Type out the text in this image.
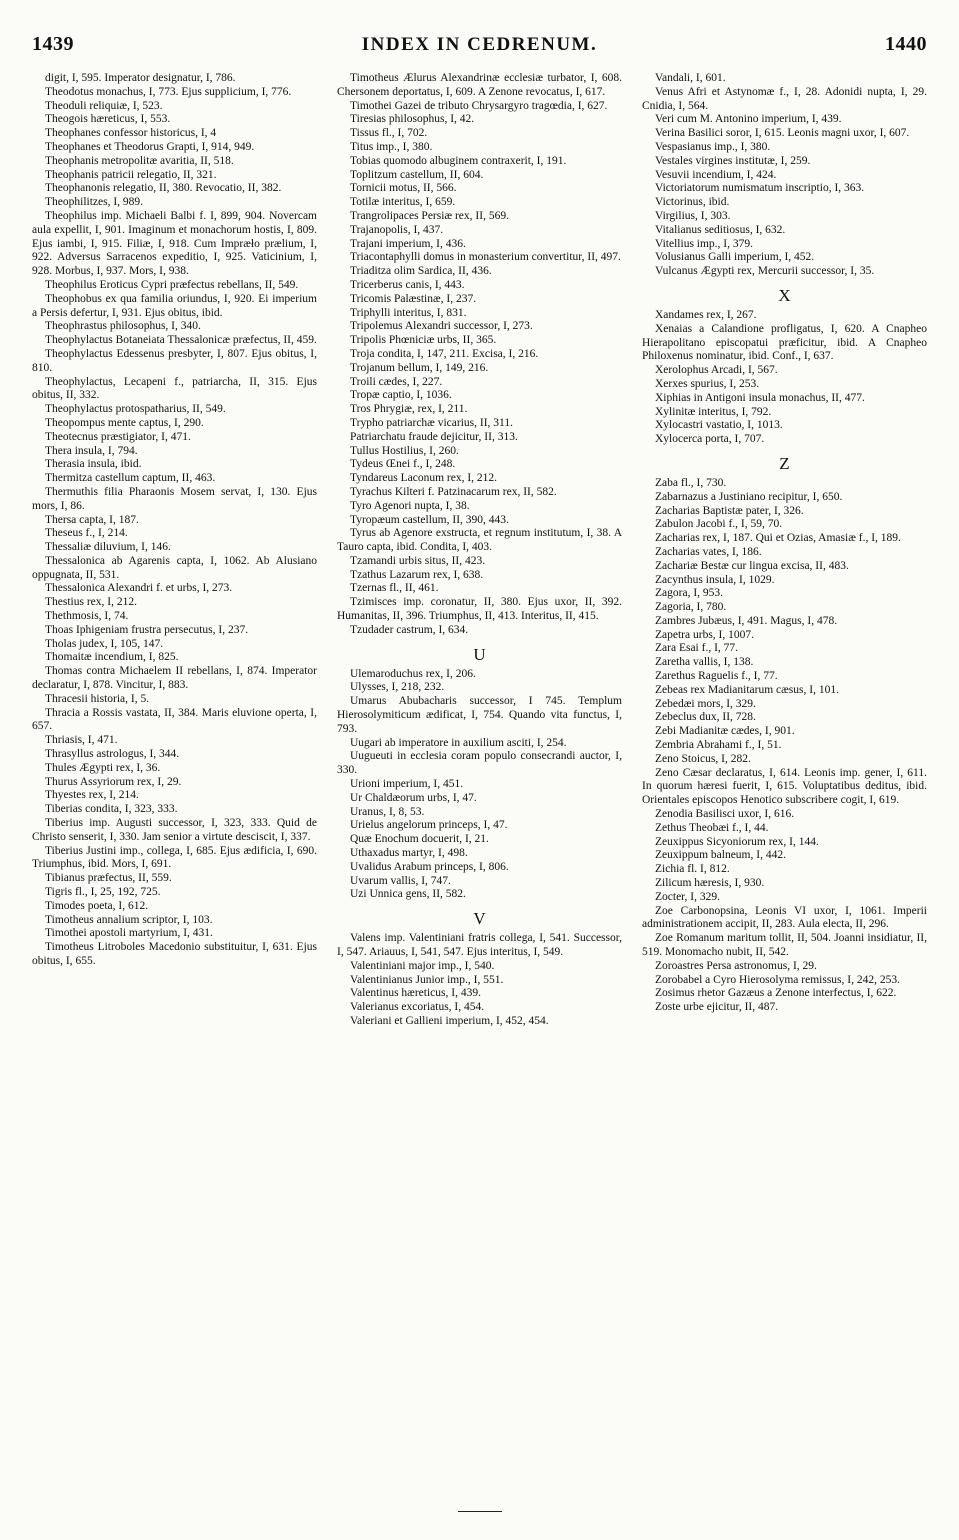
1439	INDEX IN CEDRENUM.	1440

digit, I, 595. Imperator designatur, I, 786.

Theodotus monachus, I, 773. Ejus supplicium, I, 776.

Theoduli reliquiæ, I, 523.

Theogois hæreticus, I, 553.

Theophanes confessor historicus, I, 4

Theophanes et Theodorus Grapti, I, 914, 949.

Theophanis metropolitæ avaritia, II, 518.

Theophanis patricii relegatio, II, 321.

Theophanonis relegatio, II, 380. Revocatio, II, 382.

Theophilitzes, I, 989.

Theophilus imp. Michaeli Balbi f. I, 899, 904. Novercam aula expellit, I, 901. Imaginum et monachorum hostis, I, 809. Ejus iambi, I, 915. Filiæ, I, 918. Cum Impræło prælium, I, 922. Adversus Sarracenos expeditio, I, 925. Vaticinium, I, 928. Morbus, I, 937. Mors, I, 938.

Theophilus Eroticus Cypri præfectus rebellans, II, 549.

Theophobus ex qua familia oriundus, I, 920. Ei imperium a Persis defertur, I, 931. Ejus obitus, ibid.

Theophrastus philosophus, I, 340.

Theophylactus Botaneiata Thessalonicæ præfectus, II, 459.

Theophylactus Edessenus presbyter, I, 807. Ejus obitus, I, 810.

Theophylactus, Lecapeni f., patriarcha, II, 315. Ejus obitus, II, 332.

Theophylactus protospatharius, II, 549.

Theopompus mente captus, I, 290.

Theotecnus præstigiator, I, 471.

Thera insula, I, 794.

Therasia insula, ibid.

Thermitza castellum captum, II, 463.

Thermuthis filia Pharaonis Mosem servat, I, 130. Ejus mors, I, 86.

Thersa capta, I, 187.

Theseus f., I, 214.

Thessaliæ diluvium, I, 146.

Thessalonica ab Agarenis capta, I, 1062. Ab Alusiano oppugnata, II, 531.

Thessalonica Alexandri f. et urbs, I, 273.

Thestius rex, I, 212.

Thethmosis, I, 74.

Thoas Iphigeniam frustra persecutus, I, 237.

Tholas judex, I, 105, 147.

Thomaitæ incendium, I, 825.

Thomas contra Michaelem II rebellans, I, 874. Imperator declaratur, I, 878. Vincitur, I, 883.

Thracesii historia, I, 5.

Thracia a Rossis vastata, II, 384. Maris eluvione operta, I, 657.

Thriasis, I, 471.

Thrasyllus astrologus, I, 344.

Thules Ægypti rex, I, 36.

Thurus Assyriorum rex, I, 29.

Thyestes rex, I, 214.

Tiberias condita, I, 323, 333.

Tiberius imp. Augusti successor, I, 323, 333. Quid de Christo senserit, I, 330. Jam senior a virtute desciscit, I, 337.

Tiberius Justini imp., collega, I, 685. Ejus ædificia, I, 690. Triumphus, ibid. Mors, I, 691.

Tibianus præfectus, II, 559.

Tigris fl., I, 25, 192, 725.

Timodes poeta, I, 612.

Timotheus annalium scriptor, I, 103.

Timothei apostoli martyrium, I, 431.

Timotheus Litroboles Macedonio substituitur, I, 631. Ejus obitus, I, 655.

Timotheus Ælurus Alexandrinæ ecclesiæ turbator, I, 608. Chersonem deportatus, I, 609. A Zenone revocatus, I, 617.

Timothei Gazei de tributo Chrysargyro tragœdia, I, 627.

Tiresias philosophus, I, 42.

Tissus fl., I, 702.

Titus imp., I, 380.

Tobias quomodo albuginem contraxerit, I, 191.

Toplitzum castellum, II, 604.

Tornicii motus, II, 566.

Totilæ interitus, I, 659.

Trangrolipaces Persiæ rex, II, 569.

Trajanopolis, I, 437.

Trajani imperium, I, 436.

Triacontaphylli domus in monasterium convertitur, II, 497.

Triaditza olim Sardica, II, 436.

Tricerberus canis, I, 443.

Tricomis Palæstinæ, I, 237.

Triphylli interitus, I, 831.

Tripolemus Alexandri successor, I, 273.

Tripolis Phœniciæ urbs, II, 365.

Troja condita, I, 147, 211. Excisa, I, 216.

Trojanum bellum, I, 149, 216.

Troili cædes, I, 227.

Tropæ captio, I, 1036.

Tros Phrygiæ, rex, I, 211.

Trypho patriarchæ vicarius, II, 311.

Patriarchatu fraude dejicitur, II, 313.

Tullus Hostilius, I, 260.

Tydeus Œnei f., I, 248.

Tyndareus Laconum rex, I, 212.

Tyrachus Kilteri f. Patzinacarum rex, II, 582.

Tyro Agenori nupta, I, 38.

Tyropæum castellum, II, 390, 443.

Tyrus ab Agenore exstructa, et regnum institutum, I, 38. A Tauro capta, ibid. Condita, I, 403.

Tzamandi urbis situs, II, 423.

Tzathus Lazarum rex, I, 638.

Tzernas fl., II, 461.

Tzimisces imp. coronatur, II, 380. Ejus uxor, II, 392. Humanitas, II, 396. Triumphus, II, 413. Interitus, II, 415.

Tzudader castrum, I, 634.

U

Ulemaroduchus rex, I, 206.

Ulysses, I, 218, 232.

Umarus Abubacharis successor, I 745. Templum Hierosolymiticum ædificat, I, 754. Quando vita functus, I, 793.

Uugari ab imperatore in auxilium asciti, I, 254.

Uugueuti in ecclesia coram populo consecrandi auctor, I, 330.

Urioni imperium, I, 451.

Ur Chaldæorum urbs, I, 47.

Uranus, I, 8, 53.

Urielus angelorum princeps, I, 47.

Quæ Enochum docuerit, I, 21.

Uthaxadus martyr, I, 498.

Uvalidus Arabum princeps, I, 806.

Uvarum vallis, I, 747.

Uzi Unnica gens, II, 582.

V

Valens imp. Valentiniani fratris collega, I, 541. Successor, I, 547. Ariauus, I, 541, 547. Ejus interitus, I, 549.

Valentiniani major imp., I, 540.

Valentinianus Junior imp., I, 551.

Valentinus hæreticus, I, 439.

Valerianus excoriatus, I, 454.

Valeriani et Gallieni imperium, I, 452, 454.

Vandali, I, 601.

Venus Afri et Astynomæ f., I, 28. Adonidi nupta, I, 29. Cnidia, I, 564.

Veri cum M. Antonino imperium, I, 439.

Verina Basilici soror, I, 615. Leonis magni uxor, I, 607.

Vespasianus imp., I, 380.

Vestales virgines institutæ, I, 259.

Vesuvii incendium, I, 424.

Victoriatorum numismatum inscriptio, I, 363.

Victorinus, ibid.

Virgilius, I, 303.

Vitalianus seditiosus, I, 632.

Vitellius imp., I, 379.

Volusianus Galli imperium, I, 452.

Vulcanus Ægypti rex, Mercurii successor, I, 35.

X

Xandames rex, I, 267.

Xenaias a Calandione profligatus, I, 620. A Cnapheo Hierapolitano episcopatui præficitur, ibid. A Cnapheo Philoxenus nominatur, ibid. Conf., I, 637.

Xerolophus Arcadi, I, 567.

Xerxes spurius, I, 253.

Xiphias in Antigoni insula monachus, II, 477.

Xylinitæ interitus, I, 792.

Xylocastri vastatio, I, 1013.

Xylocerca porta, I, 707.

Z

Zaba fl., I, 730.

Zabarnazus a Justiniano recipitur, I, 650.

Zacharias Baptistæ pater, I, 326.

Zabulon Jacobi f., I, 59, 70.

Zacharias rex, I, 187. Qui et Ozias, Amasiæ f., I, 189.

Zacharias vates, I, 186.

Zachariæ Bestæ cur lingua excisa, II, 483.

Zacynthus insula, I, 1029.

Zagora, I, 953.

Zagoria, I, 780.

Zambres Jubæus, I, 491. Magus, I, 478.

Zapetra urbs, I, 1007.

Zara Esai f., I, 77.

Zaretha vallis, I, 138.

Zarethus Raguelis f., I, 77.

Zebeas rex Madianitarum cæsus, I, 101.

Zebedæi mors, I, 329.

Zebeclus dux, II, 728.

Zebi Madianitæ cædes, I, 901.

Zembria Abrahami f., I, 51.

Zeno Stoicus, I, 282.

Zeno Cæsar declaratus, I, 614. Leonis imp. gener, I, 611. In quorum hæresi fuerit, I, 615. Voluptatibus deditus, ibid. Orientales episcopos Henotico subscribere cogit, I, 619.

Zenodia Basilisci uxor, I, 616.

Zethus Theobæi f., I, 44.

Zeuxippus Sicyoniorum rex, I, 144.

Zeuxippum balneum, I, 442.

Zichia fl. I, 812.

Zilicum hæresis, I, 930.

Zocter, I, 329.

Zoe Carbonopsina, Leonis VI uxor, I, 1061. Imperii administrationem accipit, II, 283. Aula electa, II, 296.

Zoe Romanum maritum tollit, II, 504. Joanni insidiatur, II, 519. Monomacho nubit, II, 542.

Zoroastres Persa astronomus, I, 29.

Zorobabel a Cyro Hierosolyma remissus, I, 242, 253.

Zosimus rhetor Gazæus a Zenone interfectus, I, 622.

Zoste urbe ejicitur, II, 487.
